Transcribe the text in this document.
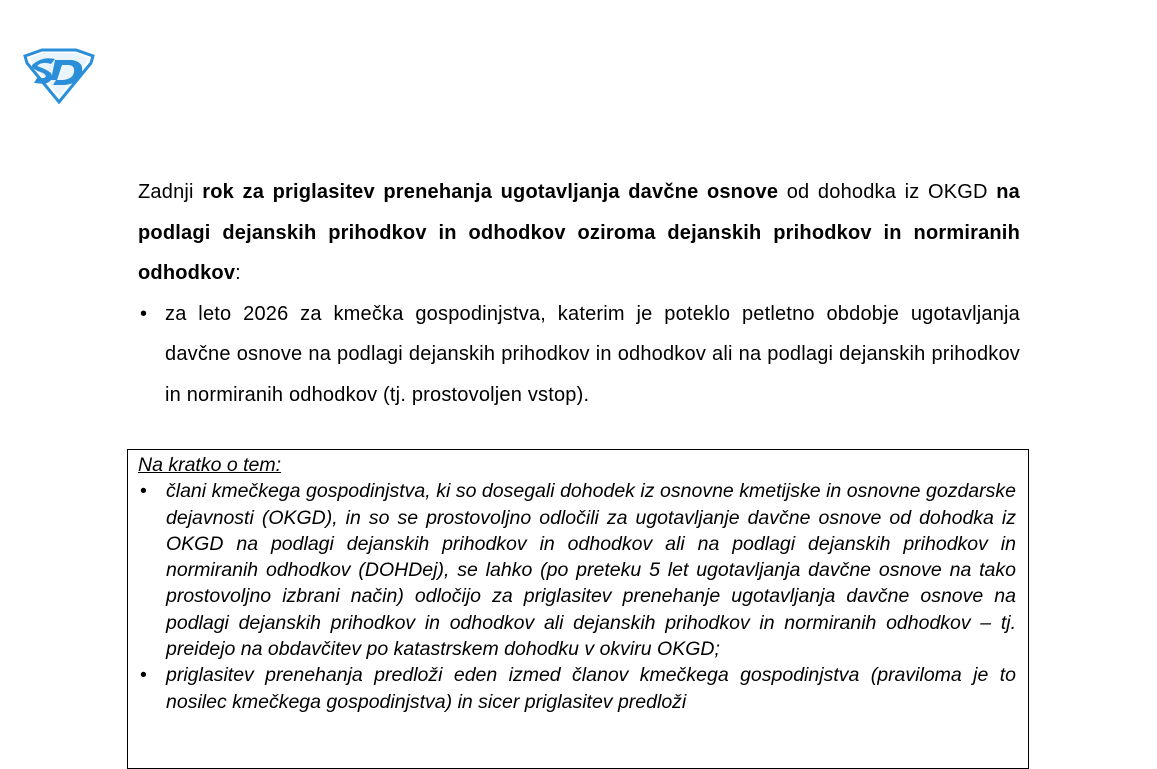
Zadnji rok za priglasitev prenehanja ugotavljanja davčne osnove od dohodka iz OKGD na podlagi dejanskih prihodkov in odhodkov oziroma dejanskih prihodkov in normiranih odhodkov:

• za leto 2026 za kmečka gospodinjstva, katerim je poteklo petletno obdobje ugotavljanja davčne osnove na podlagi dejanskih prihodkov in odhodkov ali na podlagi dejanskih prihodkov in normiranih odhodkov (tj. prostovoljen vstop).

Na kratko o tem:

• člani kmečkega gospodinjstva, ki so dosegali dohodek iz osnovne kmetijske in osnovne gozdarske dejavnosti (OKGD), in so se prostovoljno odločili za ugotavljanje davčne osnove od dohodka iz OKGD na podlagi dejanskih prihodkov in odhodkov ali na podlagi dejanskih prihodkov in normiranih odhodkov (DOHDej), se lahko (po preteku 5 let ugotavljanja davčne osnove na tako prostovoljno izbrani način) odločijo za priglasitev prenehanje ugotavljanja davčne osnove na podlagi dejanskih prihodkov in odhodkov ali dejanskih prihodkov in normiranih odhodkov – tj. preidejo na obdavčitev po katastrskem dohodku v okviru OKGD;
• priglasitev prenehanja predloži eden izmed članov kmečkega gospodinjstva (praviloma je to nosilec kmečkega gospodinjstva) in sicer priglasitev predloži
